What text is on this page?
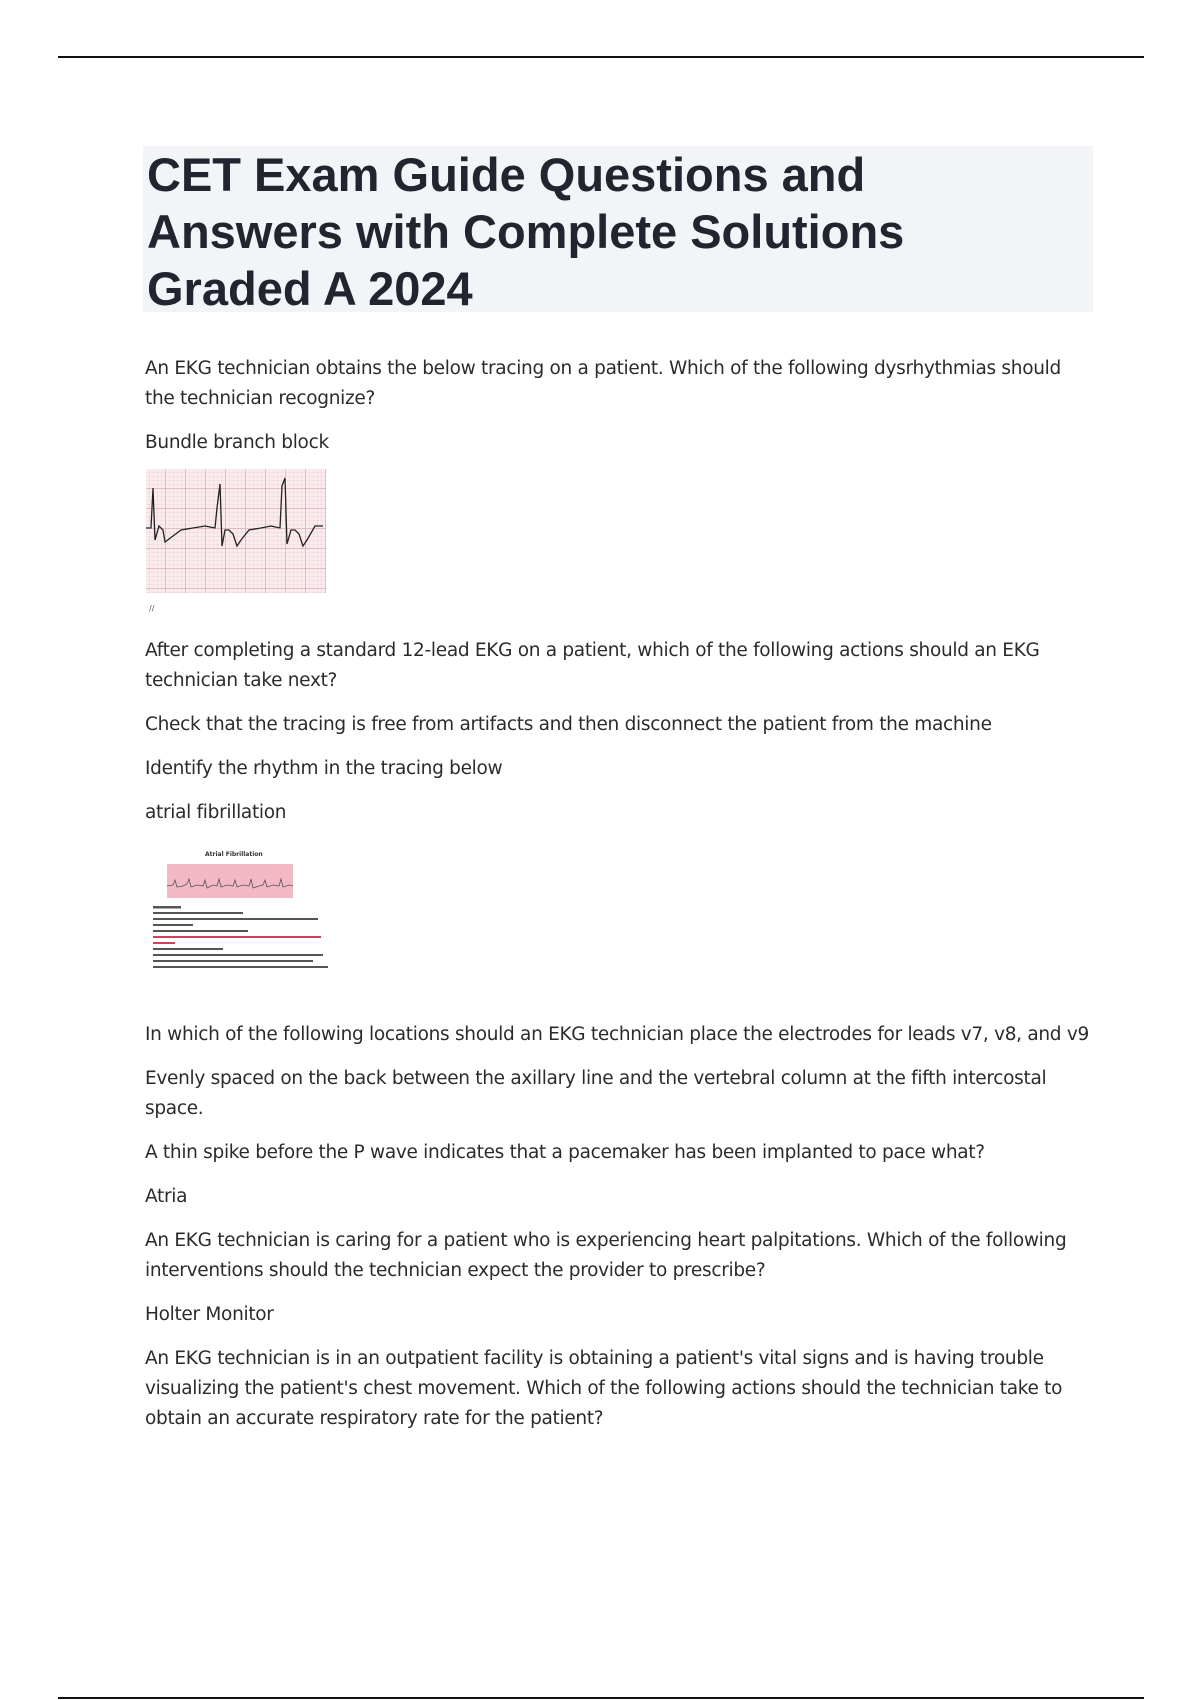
CET Exam Guide Questions and
Answers with Complete Solutions
Graded A 2024

An EKG technician obtains the below tracing on a patient. Which of the following dysrhythmias should the technician recognize?

Bundle branch block

//

After completing a standard 12-lead EKG on a patient, which of the following actions should an EKG technician take next?

Check that the tracing is free from artifacts and then disconnect the patient from the machine

Identify the rhythm in the tracing below

atrial fibrillation

Atrial Fibrillation

In which of the following locations should an EKG technician place the electrodes for leads v7, v8, and v9

Evenly spaced on the back between the axillary line and the vertebral column at the fifth intercostal space.

A thin spike before the P wave indicates that a pacemaker has been implanted to pace what?

Atria

An EKG technician is caring for a patient who is experiencing heart palpitations. Which of the following interventions should the technician expect the provider to prescribe?

Holter Monitor

An EKG technician is in an outpatient facility is obtaining a patient's vital signs and is having trouble visualizing the patient's chest movement. Which of the following actions should the technician take to obtain an accurate respiratory rate for the patient?
